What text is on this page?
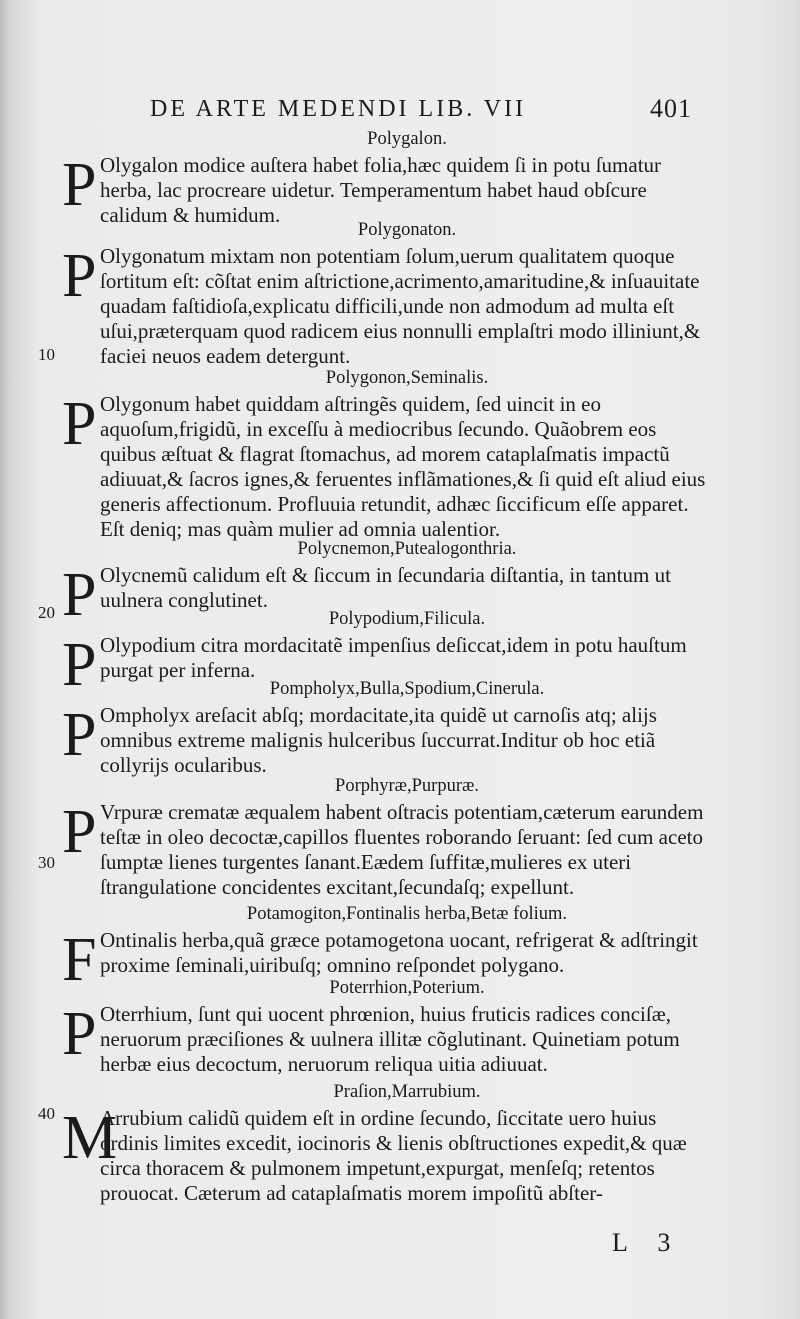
DE ARTE MEDENDI LIB. VII	401
Polygalon.
P Olygalon modice auſtera habet folia,hæc quidem ſi in potu ſumatur herba, lac procreare uidetur. Temperamentum habet haud obſcure calidum & humidum.
Polygonaton.
P Olygonatum mixtam non potentiam ſolum,uerum qualitatem quoque ſortitum eſt: cõſtat enim aſtrictione,acrimento,amaritudine,& inſuauitate quadam faſtidioſa,explicatu difficili,unde non admodum ad multa eſt uſui,præterquam quod radicem eius nonnulli emplaſtri modo illiniunt,& faciei neuos eadem detergunt.
Polygonon,Seminalis.
P Olygonum habet quiddam aſtringẽs quidem, ſed uincit in eo aquoſum,frigidũ, in exceſſu à mediocribus ſecundo. Quãobrem eos quibus æſtuat & flagrat ſtomachus, ad morem cataplaſmatis impactũ adiuuat,& ſacros ignes,& feruentes inflãmationes,& ſi quid eſt aliud eius generis affectionum. Profluuia retundit, adhæc ſiccificum eſſe apparet. Eſt deniq; mas quàm mulier ad omnia ualentior.
Polycnemon,Putealogonthria.
P Olycnemũ calidum eſt & ſiccum in ſecundaria diſtantia, in tantum ut uulnera conglutinet.
Polypodium,Filicula.
P Olypodium citra mordacitatẽ impenſius deſiccat,idem in potu hauſtum purgat per inferna.
Pompholyx,Bulla,Spodium,Cinerula.
P Ompholyx areſacit abſq; mordacitate,ita quidẽ ut carnoſis atq; alijs omnibus extreme malignis hulceribus ſuccurrat.Inditur ob hoc etiã collyrijs ocularibus.
Porphyræ,Purpuræ.
P Vrpuræ crematæ æqualem habent oſtracis potentiam,cæterum earundem teſtæ in oleo decoctæ,capillos fluentes roborando ſeruant: ſed cum aceto ſumptæ lienes turgentes ſanant.Eædem ſuffitæ,mulieres ex uteri ſtrangulatione concidentes excitant,ſecundaſq; expellunt.
Potamogiton,Fontinalis herba,Betæ folium.
F Ontinalis herba,quã græce potamogetona uocant, refrigerat & adſtringit proxime ſeminali,uiribuſq; omnino reſpondet polygano.
Poterrhion,Poterium.
P Oterrhium, ſunt qui uocent phrœnion, huius fruticis radices conciſæ, neruorum præciſiones & uulnera illitæ cõglutinant. Quinetiam potum herbæ eius decoctum, neruorum reliqua uitia adiuuat.
Praſion,Marrubium.
M
Arrubium calidũ quidem eſt in ordine ſecundo, ſiccitate uero huius ordinis limites excedit, iocinoris & lienis obſtructiones expedit,& quæ circa thoracem & pulmonem impetunt,expurgat, menſeſq; retentos prouocat. Cæterum ad cataplaſmatis morem impoſitũ abſter-
10
20
30
40
L 3
